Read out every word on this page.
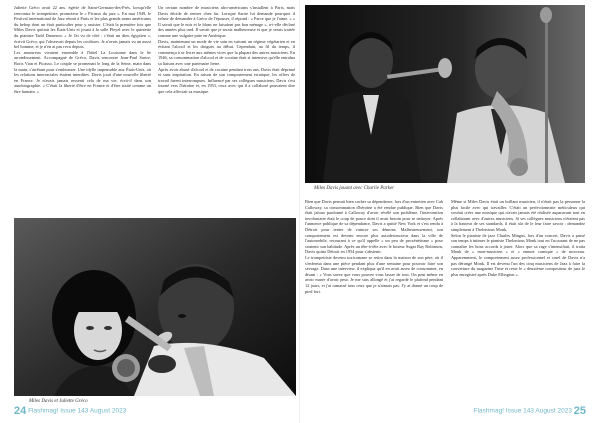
Juliette Gréco avait 22 ans. égérie de Saint-Germain-des-Prés, lorsqu'elle rencontra le trompettiste, promoteur le « Picasso du jazz ». En mai 1949, le Festival international de Jazz réunit à Paris et les plus grands noms américains du bebop dont un était particulier pour y assister. C'était la première fois que Miles Davis quittait les États-Unis et jouait à la salle Pleyel avec le quintette du pianiste Tadd Dameron. « Je l'ai vu de côté : c'était un dieu égyptien », écrivit Gréco, qui l'observait depuis les coulisses. Je n'avais jamais vu un aussi bel homme, et je n'en ai pas revu depuis.
Les amoureux vivaient ensemble à l'hôtel La Louisiane dans le 6e arrondissement. Accompagné de Gréco, Davis rencontre Jean-Paul Sartre, Boris Vian et Picasso. Le couple se promenait le long de la Seine, main dans la main, s'arrêtant pour s'embrasser. Une idylle impensable aux États-Unis, où les relations interraciales étaient interdites. Davis jouit d'une nouvelle liberté en France. Je n'avais jamais ressenti cela de ma vie, écrit-il dans son autobiographie. « C'était la liberté d'être en France et d'être traité comme un être humain. »
Un certain nombre de musiciens afro-américains s'installent à Paris, mais Davis décide de rentrer chez lui. Lorsque Sartre lui demande pourquoi il refuse de demander à Gréco de l'épouser, il répond : « Parce que je l'aime. » « Il savait que le noir et le blanc ne faisaient pas bon ménage », a-t-elle déclaré des années plus tard. Il savait que je serais malheureuse et que je serais traitée comme une vulgaire pute en Amérique.
Davis, maintenant un mode de vie sain en suivant un régime végétarien et en évitant l'alcool et les drogues au début. Cependant, au fil du temps, il commença à se livrer aux mêmes vices que la plupart des autres musiciens. En 1946, sa consommation d'alcool et de cocaïne était si intensive qu'elle entraîna sa liaison avec une partenaire Irene.
Après avoir abusé d'alcool et de cocaïne pendant trois ans, Davis était déprimé et sans inspiration. En raison de son comportement erratique, les offres de travail furent interrompues. Influencé par ses collègues musiciens, Davis s'est tourné vers l'héroïne et, en 1953, ceux avec qui il a collaboré pouvaient dire que cela affectait sa musique.
Miles Davis et Juliette Gréco
24 Flashmag! Issue 143 August 2023
Miles Davis jouant avec Charlie Parker
Bien que Davis pensait bien cacher sa dépendance, lors d'un entretien avec Cab Calloway, sa consommation d'héroïne a été rendue publique. Bien que Davis était jaloux pardonné à Calloway d'avoir révélé son problème, l'intervention involontaire était le coup de pouce dont il avait besoin pour se nettoyer. Après l'annonce publique de sa dépendance, Davis a quitté New York et s'est rendu à Détroit pour tenter de vaincre ses démons. Malheureusement, son comportement est devenu encore plus autodestructeur dans la ville de l'automobile, recourant à ce qu'il appelle « un peu de proxénétisme » pour soutenir son habitude. Après un tête-à-tête avec le boxeur Sugar Ray Robinson, Davis quitta Détroit en 1954 pour s'abstenir.
Le trompettiste devenu toxicomane se retira dans la maison de son père, où il s'enferma dans une pièce pendant plus d'une semaine pour pouvoir faire son sevrage. Dans une interview, il expliqua qu'il en avait assez de consommer, en disant : « Vous savez que vous pouvez vous lasser de tout. On peut même en avoir marre d'avoir peur. Je me suis allongé et j'ai regardé le plafond pendant 12 jours, et j'ai ramassé tous ceux que je n'aimais pas. J'y ai donné un coup de pied fort.
Même si Miles Davis était un brillant musicien, il n'était pas la personne la plus facile avec qui travailler. C'était un perfectionniste méticuleux qui voulait créer une musique qui n'avait jamais été réalisée auparavant tout en collaborant avec d'autres musiciens. Si ses collègues musiciens n'étaient pas à la hauteur de ses standards, il était sûr de le leur faire savoir : demandez simplement à Thelonious Monk.
Selon le pianiste de jazz Charles Mingus, lors d'un concert, Davis a passé son temps à intimer le pianiste Thelonious Monk tout en l'accusant de ne pas connaître les bons accords à jouer. Alors que sa rage s'intensifiait, il traita Monk de « mon-musicien » et « ennuie comique » de morceau. Apparemment, le comportement assez professionnel et cruel de Davis n'a pas dérangé Monk. Il est devenu l'un des cinq musiciens de Jazz à faire la couverture du magazine Time et reste le « deuxième compositeur de jazz le plus enregistré après Duke Ellington ».
Flashmag! Issue 143 August 2023 25
